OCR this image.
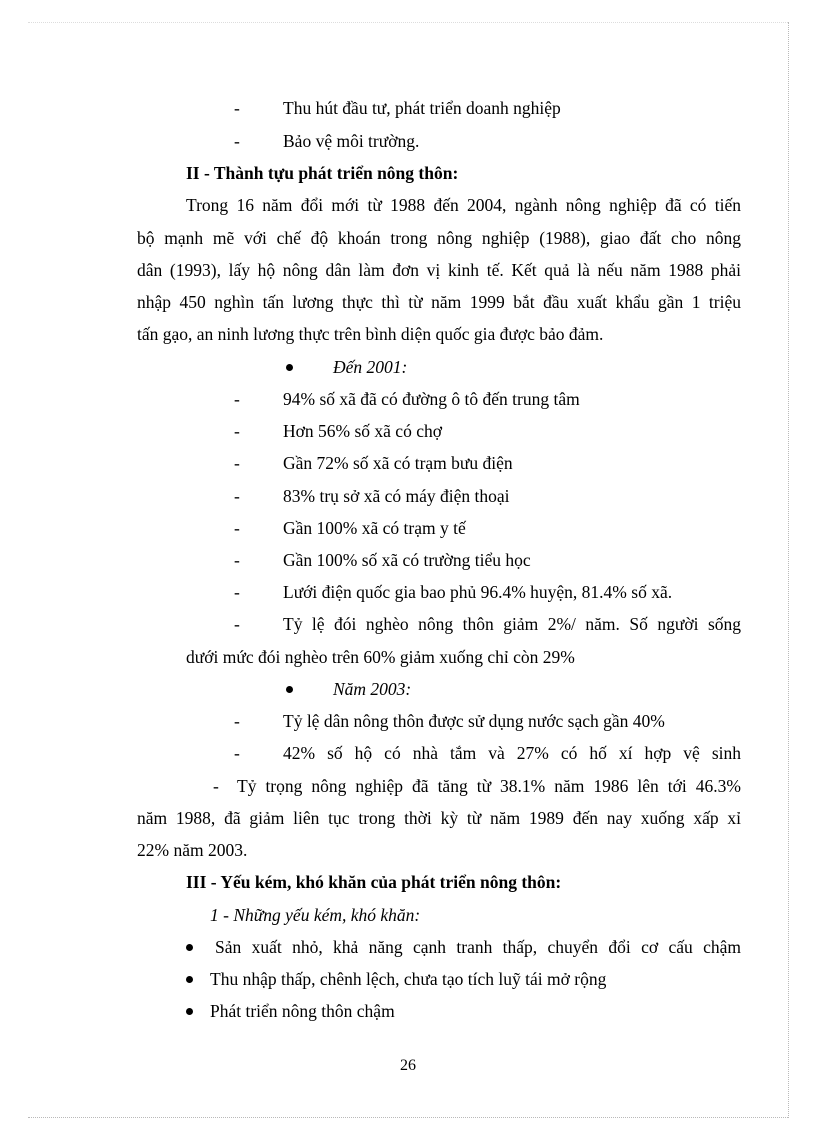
- Thu hút đầu tư, phát triển doanh nghiệp
- Bảo vệ môi trường.
II - Thành tựu phát triển nông thôn:
Trong 16 năm đổi mới từ 1988 đến 2004, ngành nông nghiệp đã có tiến
bộ mạnh mẽ với chế độ khoán trong nông nghiệp (1988), giao đất cho nông
dân (1993), lấy hộ nông dân làm đơn vị kinh tế. Kết quả là nếu năm 1988 phải
nhập 450 nghìn tấn lương thực thì từ năm 1999 bắt đầu xuất khẩu gần 1 triệu
tấn gạo, an ninh lương thực trên bình diện quốc gia được bảo đảm.
Đến 2001:
- 94% số xã đã có đường ô tô đến trung tâm
- Hơn 56% số xã có chợ
- Gần 72% số xã có trạm bưu điện
- 83% trụ sở xã có máy điện thoại
- Gần 100% xã có trạm y tế
- Gần 100% số xã có trường tiểu học
- Lưới điện quốc gia bao phủ 96.4% huyện, 81.4% số xã.
- Tỷ lệ đói nghèo nông thôn giảm 2%/ năm. Số người sống
dưới mức đói nghèo trên 60% giảm xuống chỉ còn 29%
Năm 2003:
- Tỷ lệ dân nông thôn được sử dụng nước sạch gần 40%
- 42% số hộ có nhà tắm và 27% có hố xí hợp vệ sinh
- Tỷ trọng nông nghiệp đã tăng từ 38.1% năm 1986 lên tới 46.3%
năm 1988, đã giảm liên tục trong thời kỳ từ năm 1989 đến nay xuống xấp xỉ
22% năm 2003.
III - Yếu kém, khó khăn của phát triển nông thôn:
1 - Những yếu kém, khó khăn:
Sản xuất nhỏ, khả năng cạnh tranh thấp, chuyển đổi cơ cấu chậm
Thu nhập thấp, chênh lệch, chưa tạo tích luỹ tái mở rộng
Phát triển nông thôn chậm
26
